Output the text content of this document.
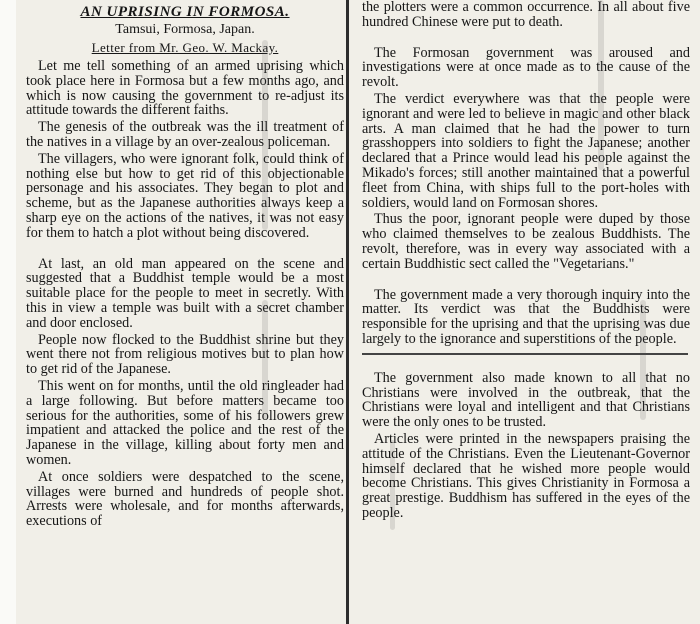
AN UPRISING IN FORMOSA.
Tamsui, Formosa, Japan.
Letter from Mr. Geo. W. Mackay.

Let me tell something of an armed uprising which took place here in Formosa but a few months ago, and which is now causing the government to re-adjust its attitude towards the different faiths.

The genesis of the outbreak was the ill treatment of the natives in a village by an over-zealous policeman.

The villagers, who were ignorant folk, could think of nothing else but how to get rid of this objectionable personage and his associates. They began to plot and scheme, but as the Japanese authorities always keep a sharp eye on the actions of the natives, it was not easy for them to hatch a plot without being discovered.

At last, an old man appeared on the scene and suggested that a Buddhist temple would be a most suitable place for the people to meet in secretly. With this in view a temple was built with a secret chamber and door enclosed.

People now flocked to the Buddhist shrine but they went there not from religious motives but to plan how to get rid of the Japanese.

This went on for months, until the old ringleader had a large following. But before matters became too serious for the authorities, some of his followers grew impatient and attacked the police and the rest of the Japanese in the village, killing about forty men and women.

At once soldiers were despatched to the scene, villages were burned and hundreds of people shot. Arrests were wholesale, and for months afterwards, executions of

the plotters were a common occurrence. In all about five hundred Chinese were put to death.

The Formosan government was aroused and investigations were at once made as to the cause of the revolt.

The verdict everywhere was that the people were ignorant and were led to believe in magic and other black arts. A man claimed that he had the power to turn grasshoppers into soldiers to fight the Japanese; another declared that a Prince would lead his people against the Mikado's forces; still another maintained that a powerful fleet from China, with ships full to the port-holes with soldiers, would land on Formosan shores.

Thus the poor, ignorant people were duped by those who claimed themselves to be zealous Buddhists. The revolt, therefore, was in every way associated with a certain Buddhistic sect called the "Vegetarians."

The government made a very thorough inquiry into the matter. Its verdict was that the Buddhists were responsible for the uprising and that the uprising was due largely to the ignorance and superstitions of the people.

The government also made known to all that no Christians were involved in the outbreak, that the Christians were loyal and intelligent and that Christians were the only ones to be trusted.

Articles were printed in the newspapers praising the attitude of the Christians. Even the Lieutenant-Governor himself declared that he wished more people would become Christians. This gives Christianity in Formosa a great prestige. Buddhism has suffered in the eyes of the people.
